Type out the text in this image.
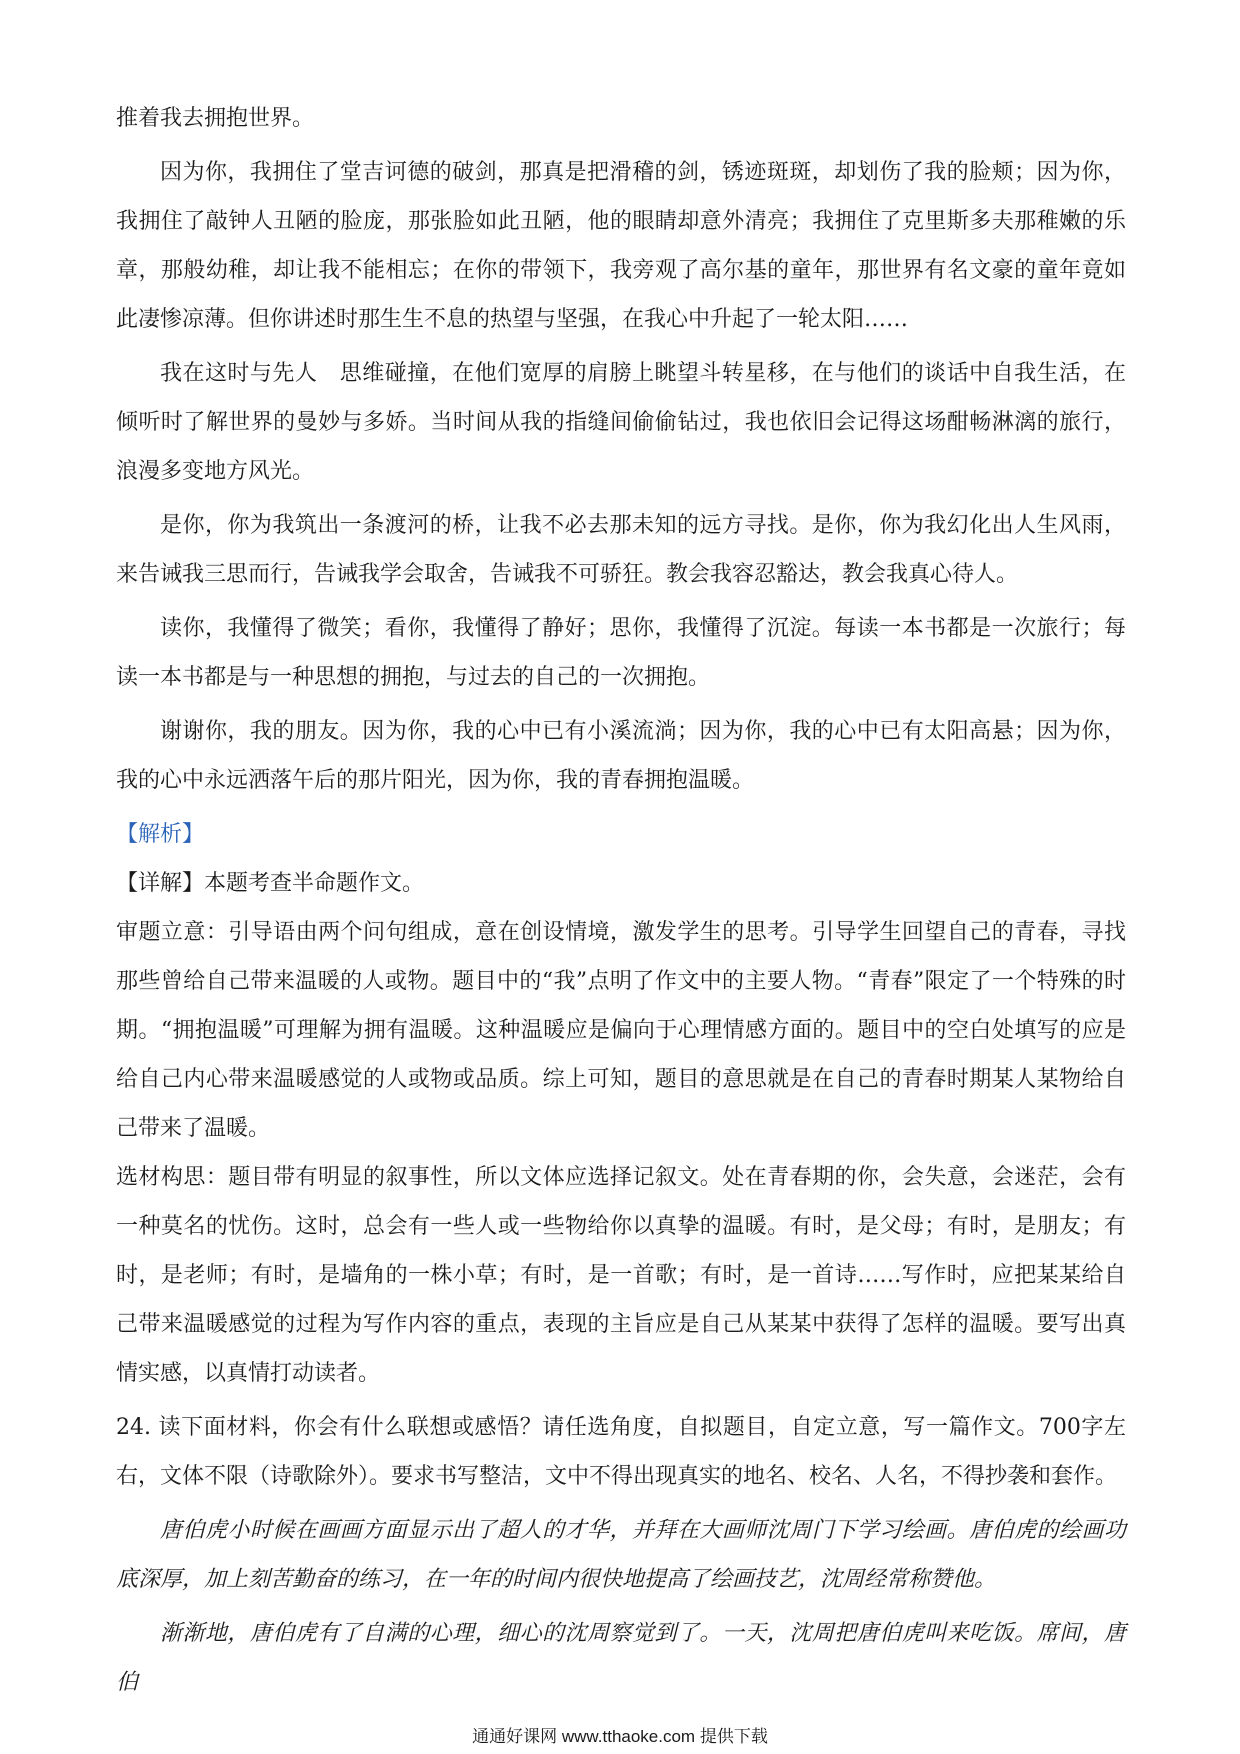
推着我去拥抱世界。

因为你，我拥住了堂吉诃德的破剑，那真是把滑稽的剑，锈迹斑斑，却划伤了我的脸颊；因为你，我拥住了敲钟人丑陋的脸庞，那张脸如此丑陋，他的眼睛却意外清亮；我拥住了克里斯多夫那稚嫩的乐章，那般幼稚，却让我不能相忘；在你的带领下，我旁观了高尔基的童年，那世界有名文豪的童年竟如此凄惨凉薄。但你讲述时那生生不息的热望与坚强，在我心中升起了一轮太阳……

我在这时与先人　思维碰撞，在他们宽厚的肩膀上眺望斗转星移，在与他们的谈话中自我生活，在倾听时了解世界的曼妙与多娇。当时间从我的指缝间偷偷钻过，我也依旧会记得这场酣畅淋漓的旅行，浪漫多变地方风光。

是你，你为我筑出一条渡河的桥，让我不必去那未知的远方寻找。是你，你为我幻化出人生风雨，来告诫我三思而行，告诫我学会取舍，告诫我不可骄狂。教会我容忍豁达，教会我真心待人。

读你，我懂得了微笑；看你，我懂得了静好；思你，我懂得了沉淀。每读一本书都是一次旅行；每读一本书都是与一种思想的拥抱，与过去的自己的一次拥抱。

谢谢你，我的朋友。因为你，我的心中已有小溪流淌；因为你，我的心中已有太阳高悬；因为你，我的心中永远洒落午后的那片阳光，因为你，我的青春拥抱温暖。

【解析】

【详解】本题考查半命题作文。

审题立意：引导语由两个问句组成，意在创设情境，激发学生的思考。引导学生回望自己的青春，寻找那些曾给自己带来温暖的人或物。题目中的“我”点明了作文中的主要人物。“青春”限定了一个特殊的时期。“拥抱温暖”可理解为拥有温暖。这种温暖应是偏向于心理情感方面的。题目中的空白处填写的应是给自己内心带来温暖感觉的人或物或品质。综上可知，题目的意思就是在自己的青春时期某人某物给自己带来了温暖。

选材构思：题目带有明显的叙事性，所以文体应选择记叙文。处在青春期的你，会失意，会迷茫，会有一种莫名的忧伤。这时，总会有一些人或一些物给你以真挚的温暖。有时，是父母；有时，是朋友；有时，是老师；有时，是墙角的一株小草；有时，是一首歌；有时，是一首诗……写作时，应把某某给自己带来温暖感觉的过程为写作内容的重点，表现的主旨应是自己从某某中获得了怎样的温暖。要写出真情实感，以真情打动读者。

24. 读下面材料，你会有什么联想或感悟？请任选角度，自拟题目，自定立意，写一篇作文。700字左右，文体不限（诗歌除外）。要求书写整洁，文中不得出现真实的地名、校名、人名，不得抄袭和套作。

唐伯虎小时候在画画方面显示出了超人的才华，并拜在大画师沈周门下学习绘画。唐伯虎的绘画功底深厚，加上刻苦勤奋的练习，在一年的时间内很快地提高了绘画技艺，沈周经常称赞他。

渐渐地，唐伯虎有了自满的心理，细心的沈周察觉到了。一天，沈周把唐伯虎叫来吃饭。席间，唐伯

通通好课网 www.tthaoke.com 提供下载
